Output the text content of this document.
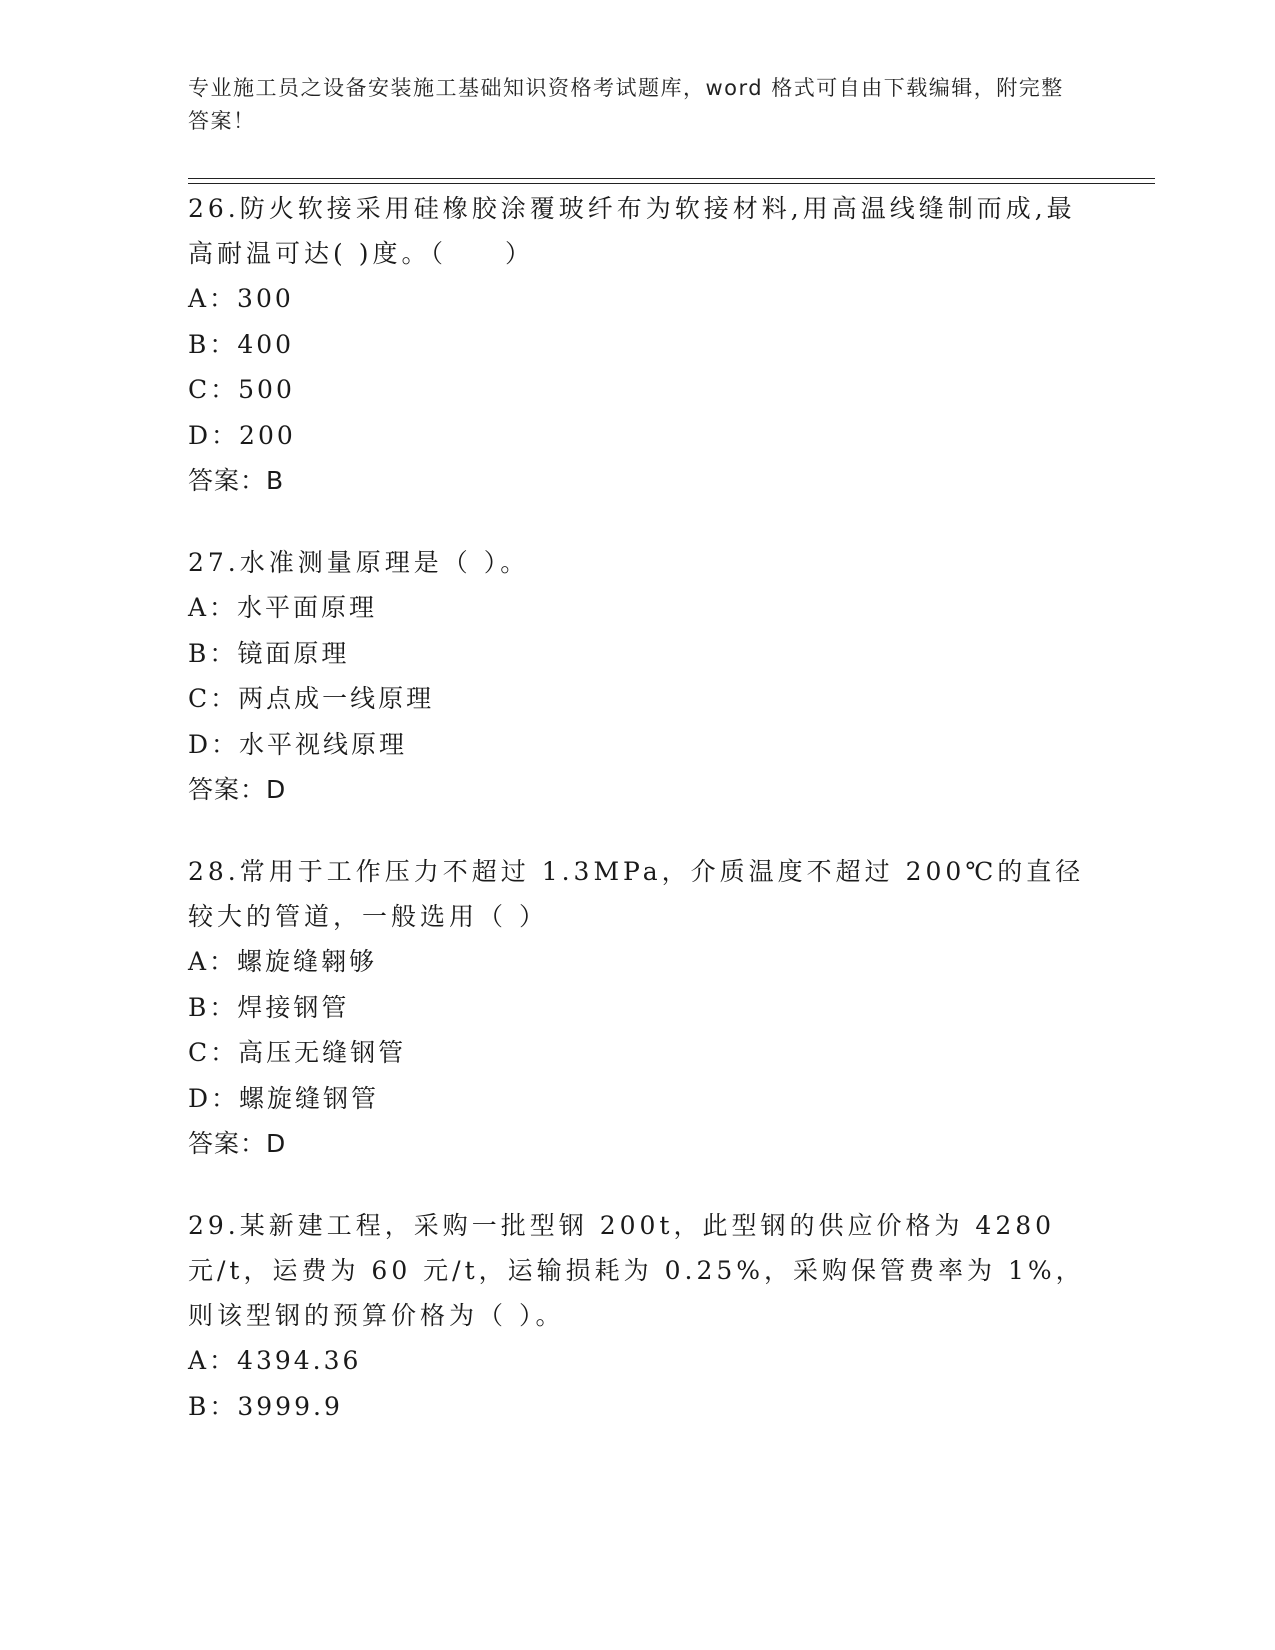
专业施工员之设备安装施工基础知识资格考试题库，word 格式可自由下载编辑，附完整答案！

26.防火软接采用硅橡胶涂覆玻纤布为软接材料,用高温线缝制而成,最高耐温可达( )度。（　　）

A：300

B：400

C：500

D：200

答案：B

27.水准测量原理是（ ）。

A：水平面原理

B：镜面原理

C：两点成一线原理

D：水平视线原理

答案：D

28.常用于工作压力不超过 1.3MPa，介质温度不超过 200℃的直径较大的管道，一般选用（ ）

A：螺旋缝翱够

B：焊接钢管

C：高压无缝钢管

D：螺旋缝钢管

答案：D

29.某新建工程，采购一批型钢 200t，此型钢的供应价格为 4280 元/t，运费为 60 元/t，运输损耗为 0.25%，采购保管费率为 1%，则该型钢的预算价格为（ ）。

A：4394.36

B：3999.9
